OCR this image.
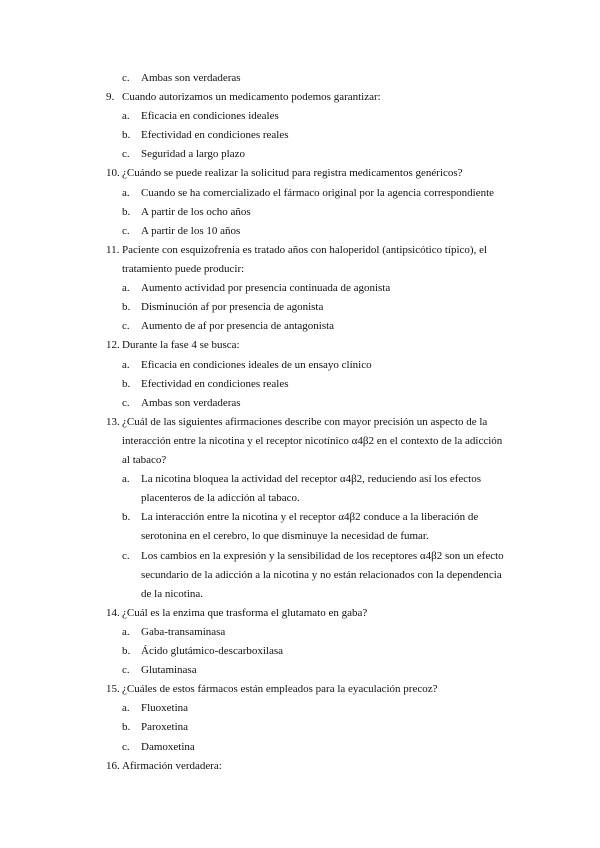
c. Ambas son verdaderas
9. Cuando autorizamos un medicamento podemos garantizar:
a. Eficacia en condiciones ideales
b. Efectividad en condiciones reales
c. Seguridad a largo plazo
10. ¿Cuándo se puede realizar la solicitud para registra medicamentos genéricos?
a. Cuando se ha comercializado el fármaco original por la agencia correspondiente
b. A partir de los ocho años
c. A partir de los 10 años
11. Paciente con esquizofrenia es tratado años con haloperidol (antipsicótico típico), el
tratamiento puede producir:
a. Aumento actividad por presencia continuada de agonista
b. Disminución af por presencia de agonista
c. Aumento de af por presencia de antagonista
12. Durante la fase 4 se busca:
a. Eficacia en condiciones ideales de un ensayo clínico
b. Efectividad en condiciones reales
c. Ambas son verdaderas
13. ¿Cuál de las siguientes afirmaciones describe con mayor precisión un aspecto de la
interacción entre la nicotina y el receptor nicotínico α4β2 en el contexto de la adicción
al tabaco?
a. La nicotina bloquea la actividad del receptor α4β2, reduciendo así los efectos
placenteros de la adicción al tabaco.
b. La interacción entre la nicotina y el receptor α4β2 conduce a la liberación de
serotonina en el cerebro, lo que disminuye la necesidad de fumar.
c. Los cambios en la expresión y la sensibilidad de los receptores α4β2 son un efecto
secundario de la adicción a la nicotina y no están relacionados con la dependencia
de la nicotina.
14. ¿Cuál es la enzima que trasforma el glutamato en gaba?
a. Gaba-transaminasa
b. Ácido glutámico-descarboxilasa
c. Glutaminasa
15. ¿Cuáles de estos fármacos están empleados para la eyaculación precoz?
a. Fluoxetina
b. Paroxetina
c. Damoxetina
16. Afirmación verdadera:
